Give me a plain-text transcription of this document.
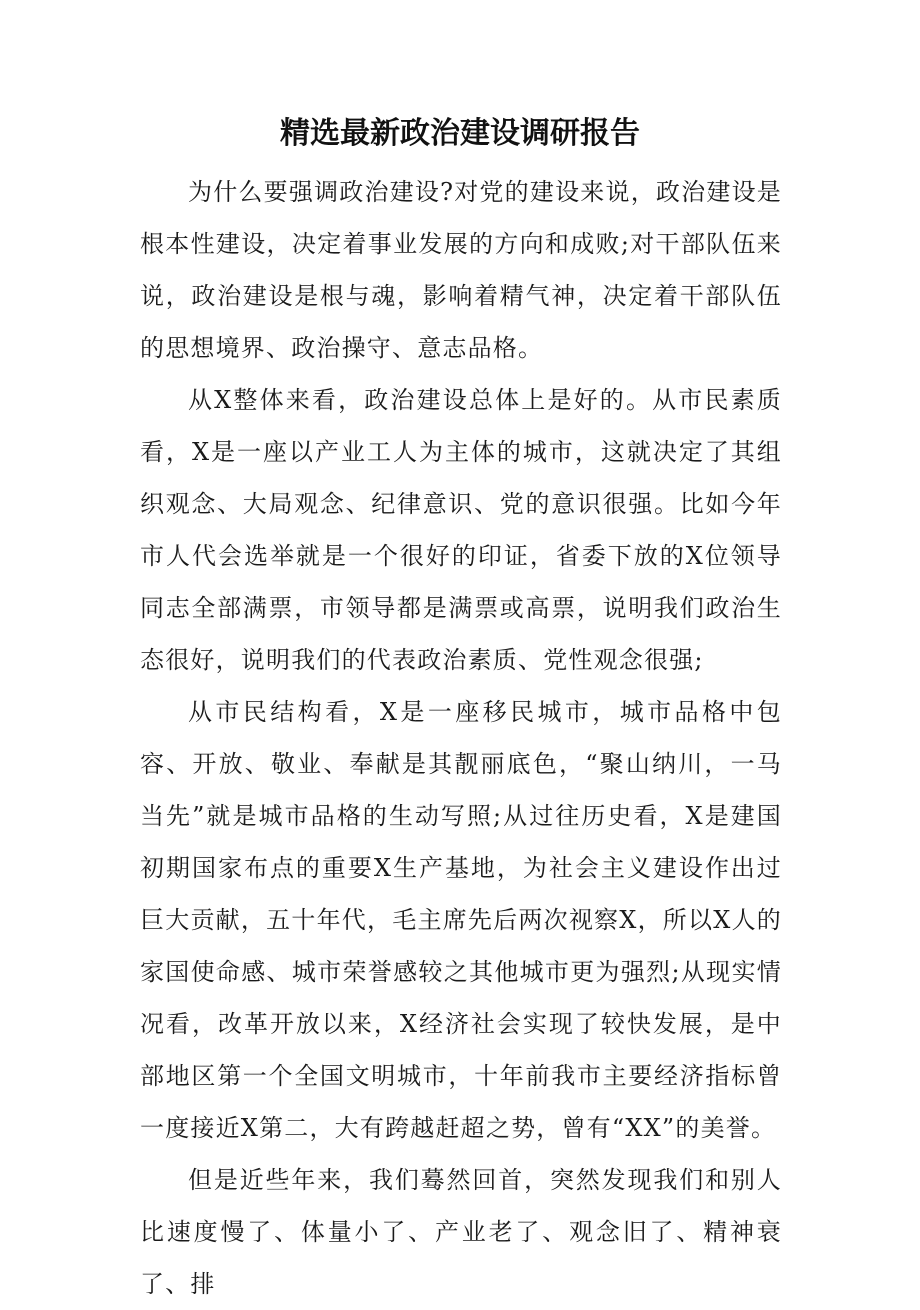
精选最新政治建设调研报告

为什么要强调政治建设?对党的建设来说，政治建设是根本性建设，决定着事业发展的方向和成败;对干部队伍来说，政治建设是根与魂，影响着精气神，决定着干部队伍的思想境界、政治操守、意志品格。

从X整体来看，政治建设总体上是好的。从市民素质看，X是一座以产业工人为主体的城市，这就决定了其组织观念、大局观念、纪律意识、党的意识很强。比如今年市人代会选举就是一个很好的印证，省委下放的X位领导同志全部满票，市领导都是满票或高票，说明我们政治生态很好，说明我们的代表政治素质、党性观念很强;

从市民结构看，X是一座移民城市，城市品格中包容、开放、敬业、奉献是其靓丽底色，“聚山纳川，一马当先”就是城市品格的生动写照;从过往历史看，X是建国初期国家布点的重要X生产基地，为社会主义建设作出过巨大贡献，五十年代，毛主席先后两次视察X，所以X人的家国使命感、城市荣誉感较之其他城市更为强烈;从现实情况看，改革开放以来，X经济社会实现了较快发展，是中部地区第一个全国文明城市，十年前我市主要经济指标曾一度接近X第二，大有跨越赶超之势，曾有“XX”的美誉。

但是近些年来，我们蓦然回首，突然发现我们和别人比速度慢了、体量小了、产业老了、观念旧了、精神衰了、排
